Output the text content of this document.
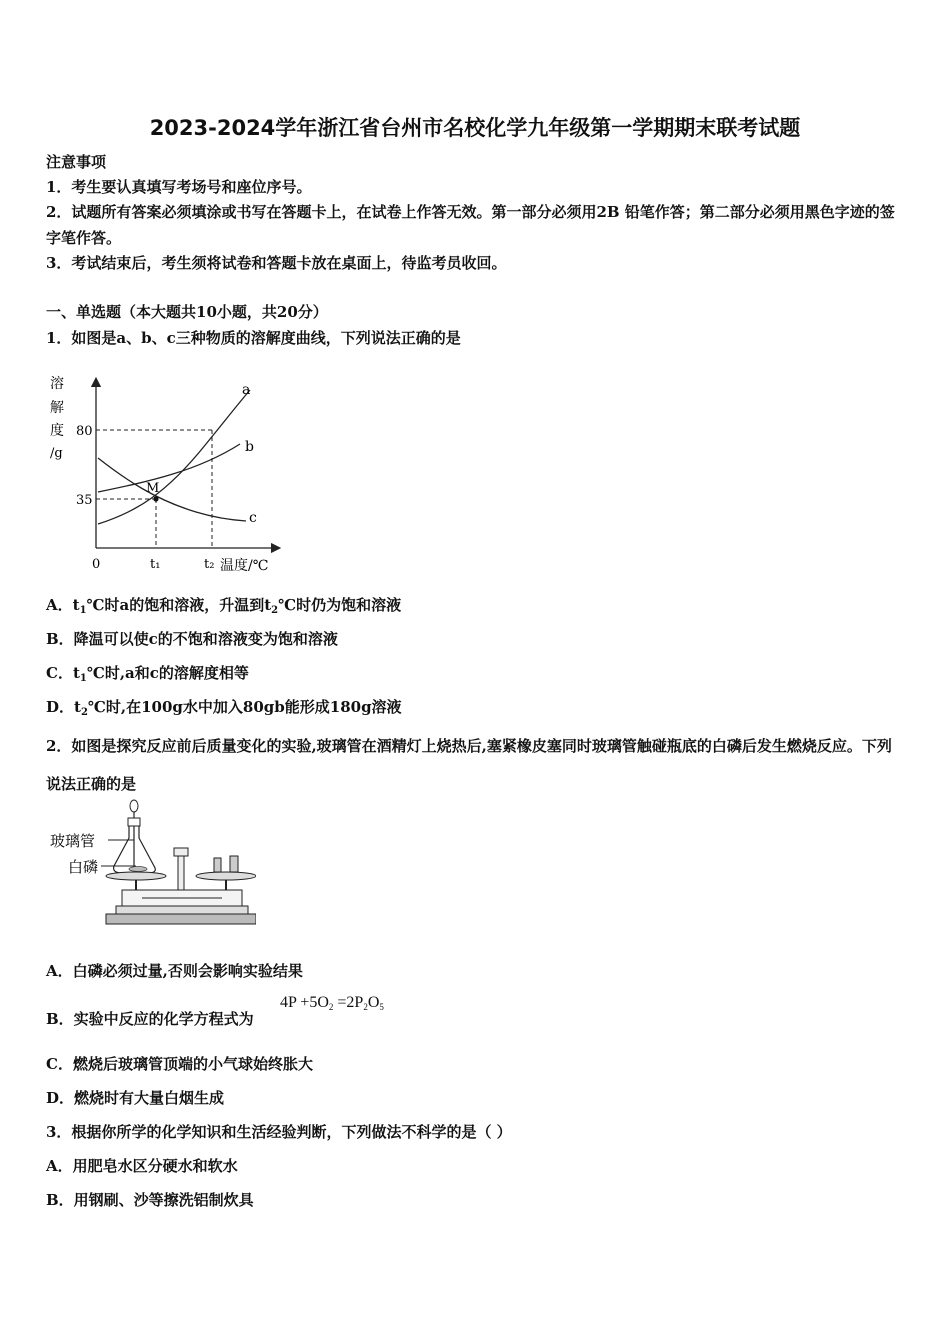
2023-2024学年浙江省台州市名校化学九年级第一学期期末联考试题
注意事项
1．考生要认真填写考场号和座位序号。
2．试题所有答案必须填涂或书写在答题卡上，在试卷上作答无效。第一部分必须用2B 铅笔作答；第二部分必须用黑色字迹的签字笔作答。
3．考试结束后，考生须将试卷和答题卡放在桌面上，待监考员收回。
一、单选题（本大题共10小题，共20分）
1．如图是a、b、c三种物质的溶解度曲线，下列说法正确的是
溶
解
度
/g
M
a
b
c
80
35
0	t₁	t₂ 温度/℃
A．$t_1℃$时a的饱和溶液，升温到$t_2℃$时仍为饱和溶液
B．降温可以使c的不饱和溶液变为饱和溶液
C．$t_1℃$时,a和c的溶解度相等
D．$t_2℃$时,在100g水中加入80gb能形成180g溶液
2．如图是探究反应前后质量变化的实验,玻璃管在酒精灯上烧热后,塞紧橡皮塞同时玻璃管触碰瓶底的白磷后发生燃烧反应。下列说法正确的是
玻璃管
白磷
A．白磷必须过量,否则会影响实验结果
B．实验中反应的化学方程式为
$4P +5O_2 =2P_2O_5$
C．燃烧后玻璃管顶端的小气球始终胀大
D．燃烧时有大量白烟生成
3．根据你所学的化学知识和生活经验判断，下列做法不科学的是（ ）
A．用肥皂水区分硬水和软水
B．用钢刷、沙等擦洗铝制炊具
